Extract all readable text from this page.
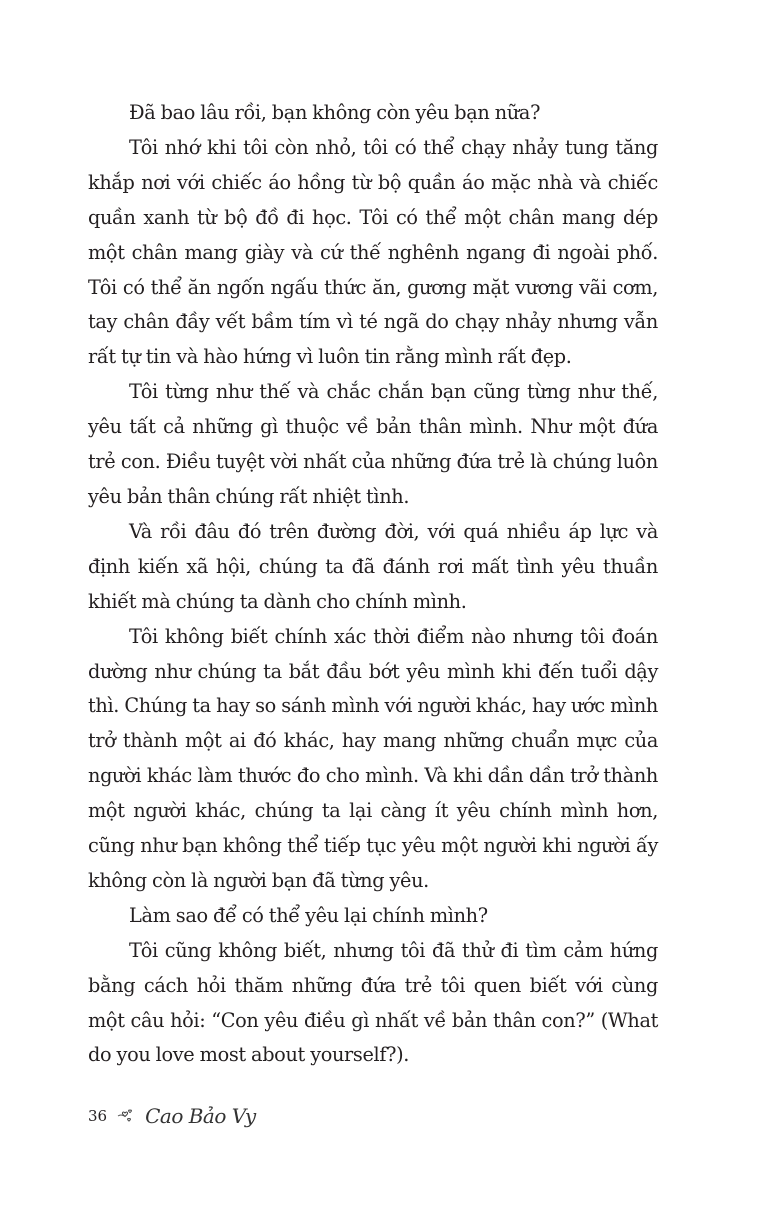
Đã bao lâu rồi, bạn không còn yêu bạn nữa?

Tôi nhớ khi tôi còn nhỏ, tôi có thể chạy nhảy tung tăng khắp nơi với chiếc áo hồng từ bộ quần áo mặc nhà và chiếc quần xanh từ bộ đồ đi học. Tôi có thể một chân mang dép một chân mang giày và cứ thế nghênh ngang đi ngoài phố. Tôi có thể ăn ngốn ngấu thức ăn, gương mặt vương vãi cơm, tay chân đầy vết bầm tím vì té ngã do chạy nhảy nhưng vẫn rất tự tin và hào hứng vì luôn tin rằng mình rất đẹp.

Tôi từng như thế và chắc chắn bạn cũng từng như thế, yêu tất cả những gì thuộc về bản thân mình. Như một đứa trẻ con. Điều tuyệt vời nhất của những đứa trẻ là chúng luôn yêu bản thân chúng rất nhiệt tình.

Và rồi đâu đó trên đường đời, với quá nhiều áp lực và định kiến xã hội, chúng ta đã đánh rơi mất tình yêu thuần khiết mà chúng ta dành cho chính mình.

Tôi không biết chính xác thời điểm nào nhưng tôi đoán dường như chúng ta bắt đầu bớt yêu mình khi đến tuổi dậy thì. Chúng ta hay so sánh mình với người khác, hay ước mình trở thành một ai đó khác, hay mang những chuẩn mực của người khác làm thước đo cho mình. Và khi dần dần trở thành một người khác, chúng ta lại càng ít yêu chính mình hơn, cũng như bạn không thể tiếp tục yêu một người khi người ấy không còn là người bạn đã từng yêu.

Làm sao để có thể yêu lại chính mình?

Tôi cũng không biết, nhưng tôi đã thử đi tìm cảm hứng bằng cách hỏi thăm những đứa trẻ tôi quen biết với cùng một câu hỏi: “Con yêu điều gì nhất về bản thân con?” (What do you love most about yourself?).

36 Cao Bảo Vy
